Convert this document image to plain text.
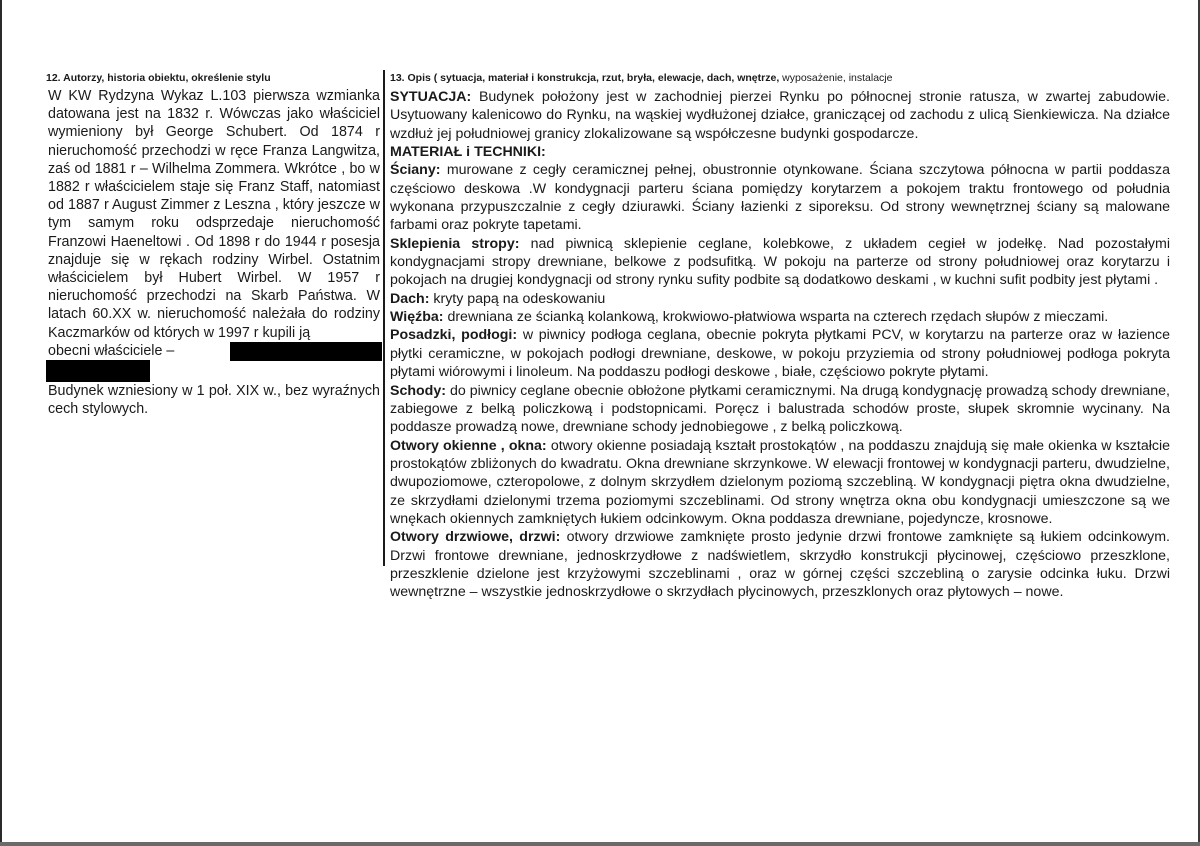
12. Autorzy, historia obiektu, określenie stylu

W KW Rydzyna Wykaz L.103 pierwsza wzmianka datowana jest na 1832 r. Wówczas jako właściciel wymieniony był George Schubert. Od 1874 r nieruchomość przechodzi w ręce Franza Langwitza, zaś od 1881 r – Wilhelma Zommera. Wkrótce , bo w 1882 r właścicielem staje się Franz Staff, natomiast od 1887 r August Zimmer z Leszna , który jeszcze w tym samym roku odsprzedaje nieruchomość Franzowi Haeneltowi . Od 1898 r do 1944 r posesja znajduje się w rękach rodziny Wirbel. Ostatnim właścicielem był Hubert Wirbel. W 1957 r nieruchomość przechodzi na Skarb Państwa. W latach 60.XX w. nieruchomość należała do rodziny Kaczmarków od których w 1997 r kupili ją

obecni właściciele –

Budynek wzniesiony w 1 poł. XIX w., bez wyraźnych cech stylowych.

13. Opis ( sytuacja, materiał i konstrukcja, rzut, bryła, elewacje, dach, wnętrze, wyposażenie, instalacje

SYTUACJA: Budynek położony jest w zachodniej pierzei Rynku po północnej stronie ratusza, w zwartej zabudowie. Usytuowany kalenicowo do Rynku, na wąskiej wydłużonej działce, graniczącej od zachodu z ulicą Sienkiewicza. Na działce wzdłuż jej południowej granicy zlokalizowane są współczesne budynki gospodarcze.

MATERIAŁ i TECHNIKI:

Ściany: murowane z cegły ceramicznej pełnej, obustronnie otynkowane. Ściana szczytowa północna w partii poddasza częściowo deskowa .W kondygnacji parteru ściana pomiędzy korytarzem a pokojem traktu frontowego od południa wykonana przypuszczalnie z cegły dziurawki. Ściany łazienki z siporeksu. Od strony wewnętrznej ściany są malowane farbami oraz pokryte tapetami.

Sklepienia stropy: nad piwnicą sklepienie ceglane, kolebkowe, z układem cegieł w jodełkę. Nad pozostałymi kondygnacjami stropy drewniane, belkowe z podsufitką. W pokoju na parterze od strony południowej oraz korytarzu i pokojach na drugiej kondygnacji od strony rynku sufity podbite są dodatkowo deskami , w kuchni sufit podbity jest płytami .

Dach: kryty papą na odeskowaniu

Więźba: drewniana ze ścianką kolankową, krokwiowo-płatwiowa wsparta na czterech rzędach słupów z mieczami.

Posadzki, podłogi: w piwnicy podłoga ceglana, obecnie pokryta płytkami PCV, w korytarzu na parterze oraz w łazience płytki ceramiczne, w pokojach podłogi drewniane, deskowe, w pokoju przyziemia od strony południowej podłoga pokryta płytami wiórowymi i linoleum. Na poddaszu podłogi deskowe , białe, częściowo pokryte płytami.

Schody: do piwnicy ceglane obecnie obłożone płytkami ceramicznymi. Na drugą kondygnację prowadzą schody drewniane, zabiegowe z belką policzkową i podstopnicami. Poręcz i balustrada schodów proste, słupek skromnie wycinany. Na poddasze prowadzą nowe, drewniane schody jednobiegowe , z belką policzkową.

Otwory okienne , okna: otwory okienne posiadają kształt prostokątów , na poddaszu znajdują się małe okienka w kształcie prostokątów zbliżonych do kwadratu. Okna drewniane skrzynkowe. W elewacji frontowej w kondygnacji parteru, dwudzielne, dwupoziomowe, czteropolowe, z dolnym skrzydłem dzielonym poziomą szczebliną. W kondygnacji piętra okna dwudzielne, ze skrzydłami dzielonymi trzema poziomymi szczeblinami. Od strony wnętrza okna obu kondygnacji umieszczone są we wnękach okiennych zamkniętych łukiem odcinkowym. Okna poddasza drewniane, pojedyncze, krosnowe.

Otwory drzwiowe, drzwi: otwory drzwiowe zamknięte prosto jedynie drzwi frontowe zamknięte są łukiem odcinkowym. Drzwi frontowe drewniane, jednoskrzydłowe z nadświetlem, skrzydło konstrukcji płycinowej, częściowo przeszklone, przeszklenie dzielone jest krzyżowymi szczeblinami , oraz w górnej części szczebliną o zarysie odcinka łuku. Drzwi wewnętrzne – wszystkie jednoskrzydłowe o skrzydłach płycinowych, przeszklonych oraz płytowych – nowe.
